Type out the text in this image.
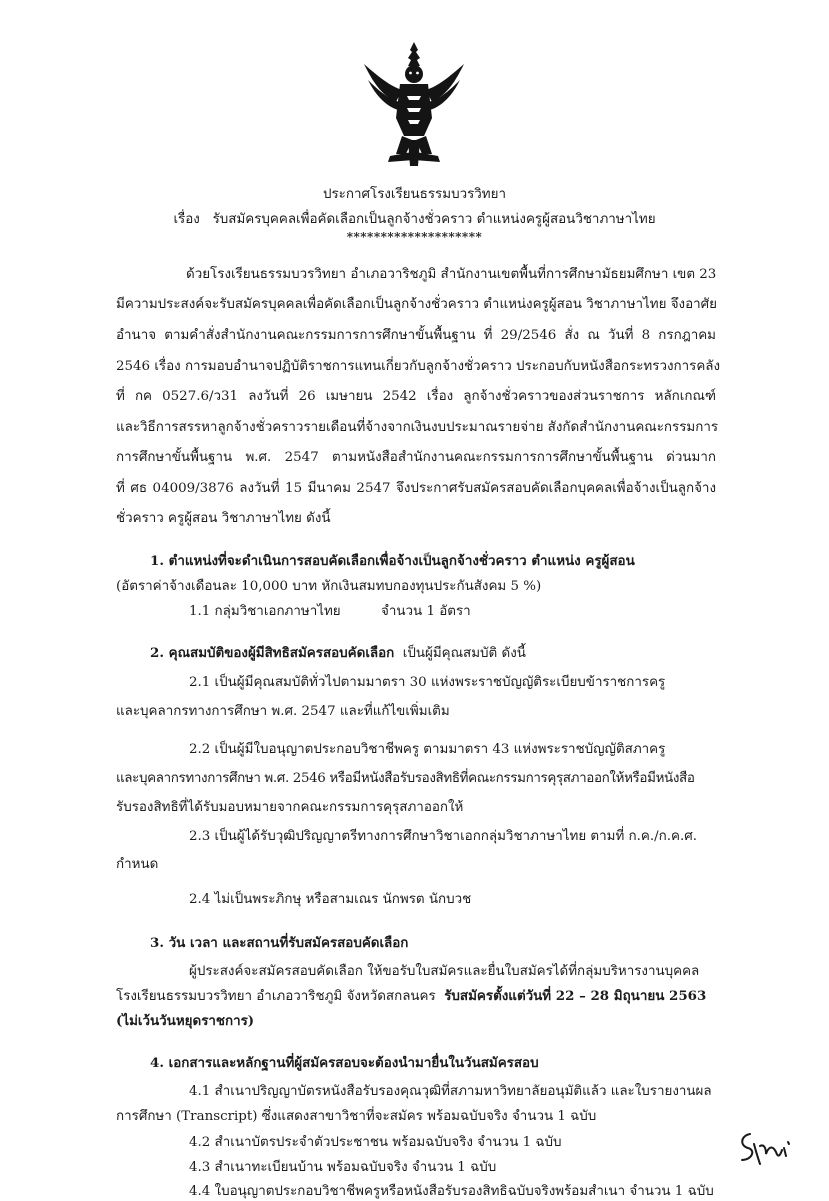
ประกาศโรงเรียนธรรมบวรวิทยา
เรื่อง รับสมัครบุคคลเพื่อคัดเลือกเป็นลูกจ้างชั่วคราว ตำแหน่งครูผู้สอนวิชาภาษาไทย
********************
ด้วยโรงเรียนธรรมบวรวิทยา อำเภอวาริชภูมิ สำนักงานเขตพื้นที่การศึกษามัธยมศึกษา เขต 23
มีความประสงค์จะรับสมัครบุคคลเพื่อคัดเลือกเป็นลูกจ้างชั่วคราว ตำแหน่งครูผู้สอน วิชาภาษาไทย จึงอาศัย
อำนาจ ตามคำสั่งสำนักงานคณะกรรมการการศึกษาขั้นพื้นฐาน ที่ 29/2546 สั่ง ณ วันที่ 8 กรกฎาคม
2546 เรื่อง การมอบอำนาจปฏิบัติราชการแทนเกี่ยวกับลูกจ้างชั่วคราว ประกอบกับหนังสือกระทรวงการคลัง
ที่ กค 0527.6/ว31 ลงวันที่ 26 เมษายน 2542 เรื่อง ลูกจ้างชั่วคราวของส่วนราชการ หลักเกณฑ์
และวิธีการสรรหาลูกจ้างชั่วคราวรายเดือนที่จ้างจากเงินงบประมาณรายจ่าย สังกัดสำนักงานคณะกรรมการ
การศึกษาขั้นพื้นฐาน พ.ศ. 2547 ตามหนังสือสำนักงานคณะกรรมการการศึกษาขั้นพื้นฐาน ด่วนมาก
ที่ ศธ 04009/3876 ลงวันที่ 15 มีนาคม 2547 จึงประกาศรับสมัครสอบคัดเลือกบุคคลเพื่อจ้างเป็นลูกจ้าง
ชั่วคราว ครูผู้สอน วิชาภาษาไทย ดังนี้
1. ตำแหน่งที่จะดำเนินการสอบคัดเลือกเพื่อจ้างเป็นลูกจ้างชั่วคราว ตำแหน่ง ครูผู้สอน
(อัตราค่าจ้างเดือนละ 10,000 บาท หักเงินสมทบกองทุนประกันสังคม 5 %)
1.1 กลุ่มวิชาเอกภาษาไทย	จำนวน 1 อัตรา
2. คุณสมบัติของผู้มีสิทธิสมัครสอบคัดเลือก เป็นผู้มีคุณสมบัติ ดังนี้
2.1 เป็นผู้มีคุณสมบัติทั่วไปตามมาตรา 30 แห่งพระราชบัญญัติระเบียบข้าราชการครู
และบุคลากรทางการศึกษา พ.ศ. 2547 และที่แก้ไขเพิ่มเติม
2.2 เป็นผู้มีใบอนุญาตประกอบวิชาชีพครู ตามมาตรา 43 แห่งพระราชบัญญัติสภาครู
และบุคลากรทางการศึกษา พ.ศ. 2546 หรือมีหนังสือรับรองสิทธิที่คณะกรรมการคุรุสภาออกให้หรือมีหนังสือ
รับรองสิทธิที่ได้รับมอบหมายจากคณะกรรมการคุรุสภาออกให้
2.3 เป็นผู้ได้รับวุฒิปริญญาตรีทางการศึกษาวิชาเอกกลุ่มวิชาภาษาไทย ตามที่ ก.ค./ก.ค.ศ.
กำหนด
2.4 ไม่เป็นพระภิกษุ หรือสามเณร นักพรต นักบวช
3. วัน เวลา และสถานที่รับสมัครสอบคัดเลือก
ผู้ประสงค์จะสมัครสอบคัดเลือก ให้ขอรับใบสมัครและยื่นใบสมัครได้ที่กลุ่มบริหารงานบุคคล
โรงเรียนธรรมบวรวิทยา อำเภอวาริชภูมิ จังหวัดสกลนคร รับสมัครตั้งแต่วันที่ 22 – 28 มิถุนายน 2563
(ไม่เว้นวันหยุดราชการ)
4. เอกสารและหลักฐานที่ผู้สมัครสอบจะต้องนำมายื่นในวันสมัครสอบ
4.1 สำเนาปริญญาบัตรหนังสือรับรองคุณวุฒิที่สภามหาวิทยาลัยอนุมัติแล้ว และใบรายงานผล
การศึกษา (Transcript) ซึ่งแสดงสาขาวิชาที่จะสมัคร พร้อมฉบับจริง จำนวน 1 ฉบับ
4.2 สำเนาบัตรประจำตัวประชาชน พร้อมฉบับจริง จำนวน 1 ฉบับ
4.3 สำเนาทะเบียนบ้าน พร้อมฉบับจริง จำนวน 1 ฉบับ
4.4 ใบอนุญาตประกอบวิชาชีพครูหรือหนังสือรับรองสิทธิฉบับจริงพร้อมสำเนา จำนวน 1 ฉบับ
